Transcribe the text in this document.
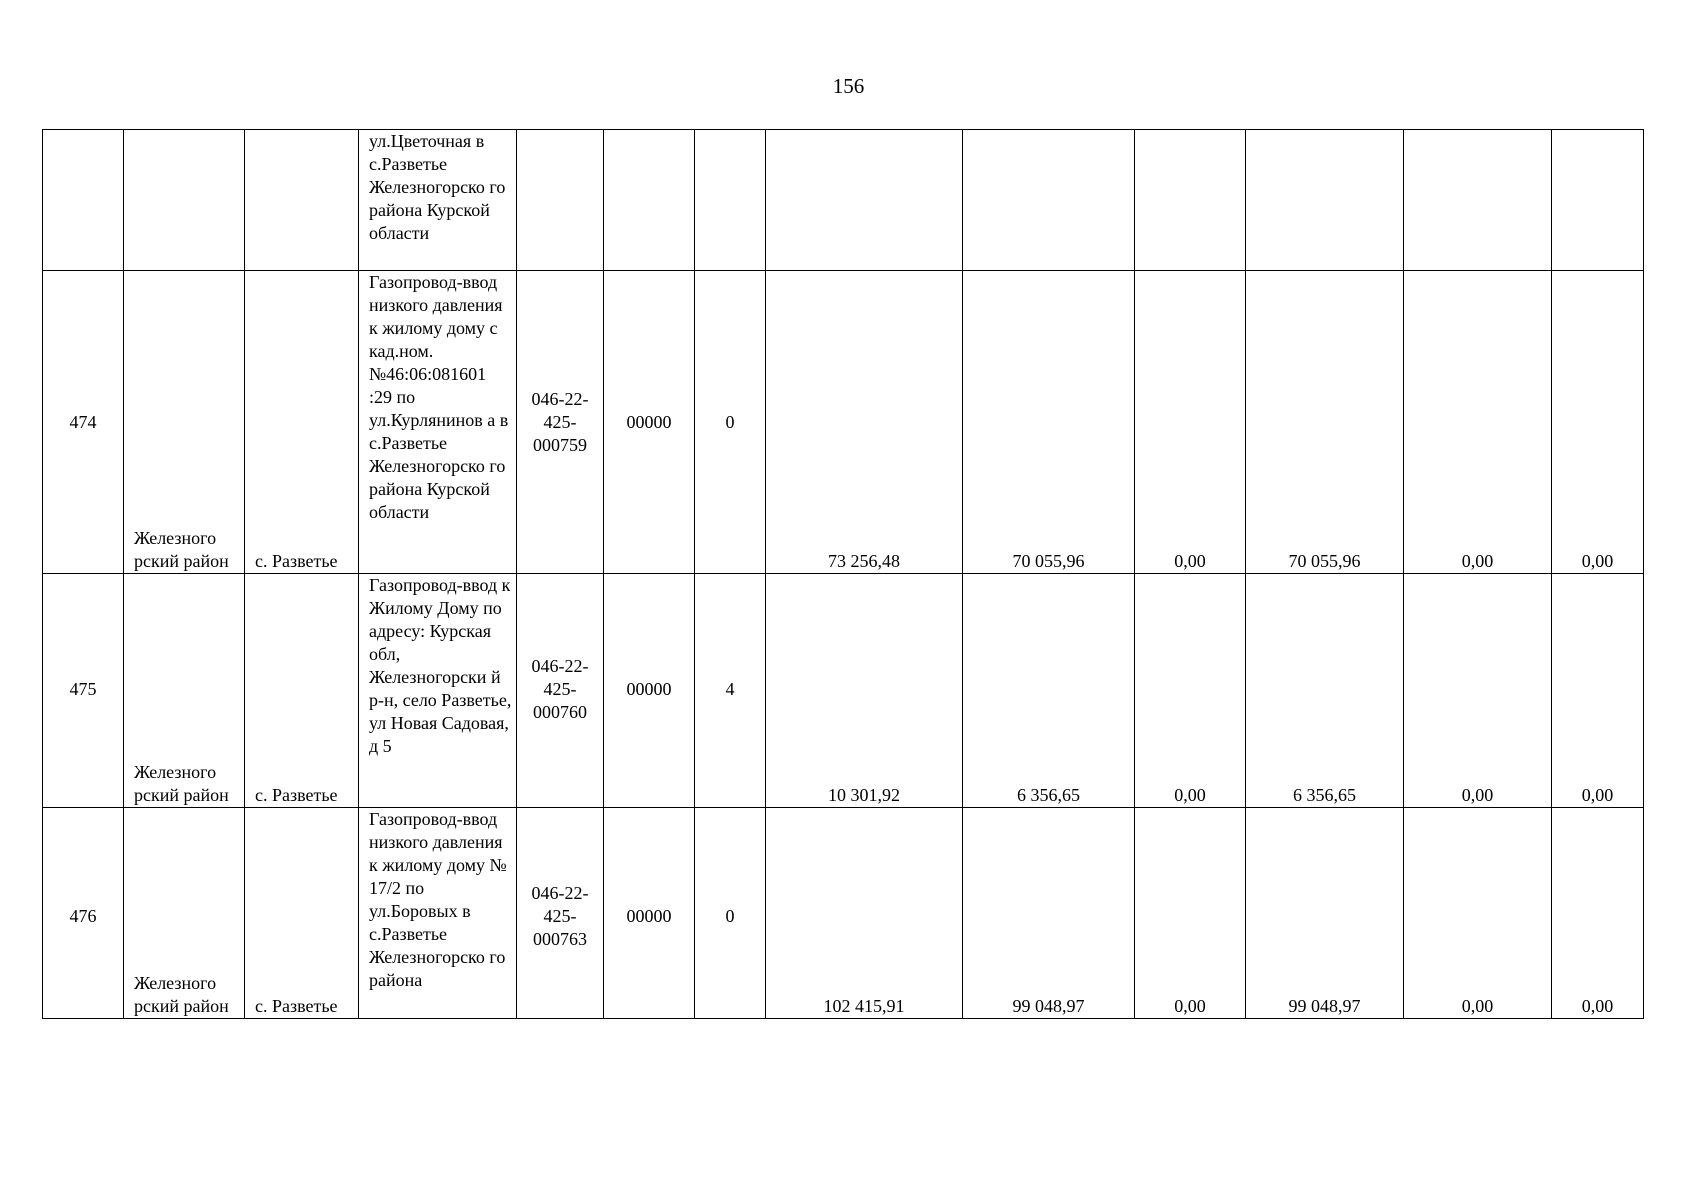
156

			ул.Цветочная в с.Разветье Железногорско го района Курской области									

474	Железного рский район	с. Разветье	Газопровод-ввод низкого давления к жилому дому с кад.ном. №46:06:081601 :29 по ул.Курлянинов а в с.Разветье Железногорско го района Курской области	046-22-425-000759	00000	0	73 256,48	70 055,96	0,00	70 055,96	0,00	0,00

475	Железного рский район	с. Разветье	Газопровод-ввод к Жилому Дому по адресу: Курская обл, Железногорски й р-н, село Разветье, ул Новая Садовая, д 5	046-22-425-000760	00000	4	10 301,92	6 356,65	0,00	6 356,65	0,00	0,00

476	Железного рский район	с. Разветье	Газопровод-ввод низкого давления к жилому дому № 17/2 по ул.Боровых в с.Разветье Железногорско го района	046-22-425-000763	00000	0	102 415,91	99 048,97	0,00	99 048,97	0,00	0,00
